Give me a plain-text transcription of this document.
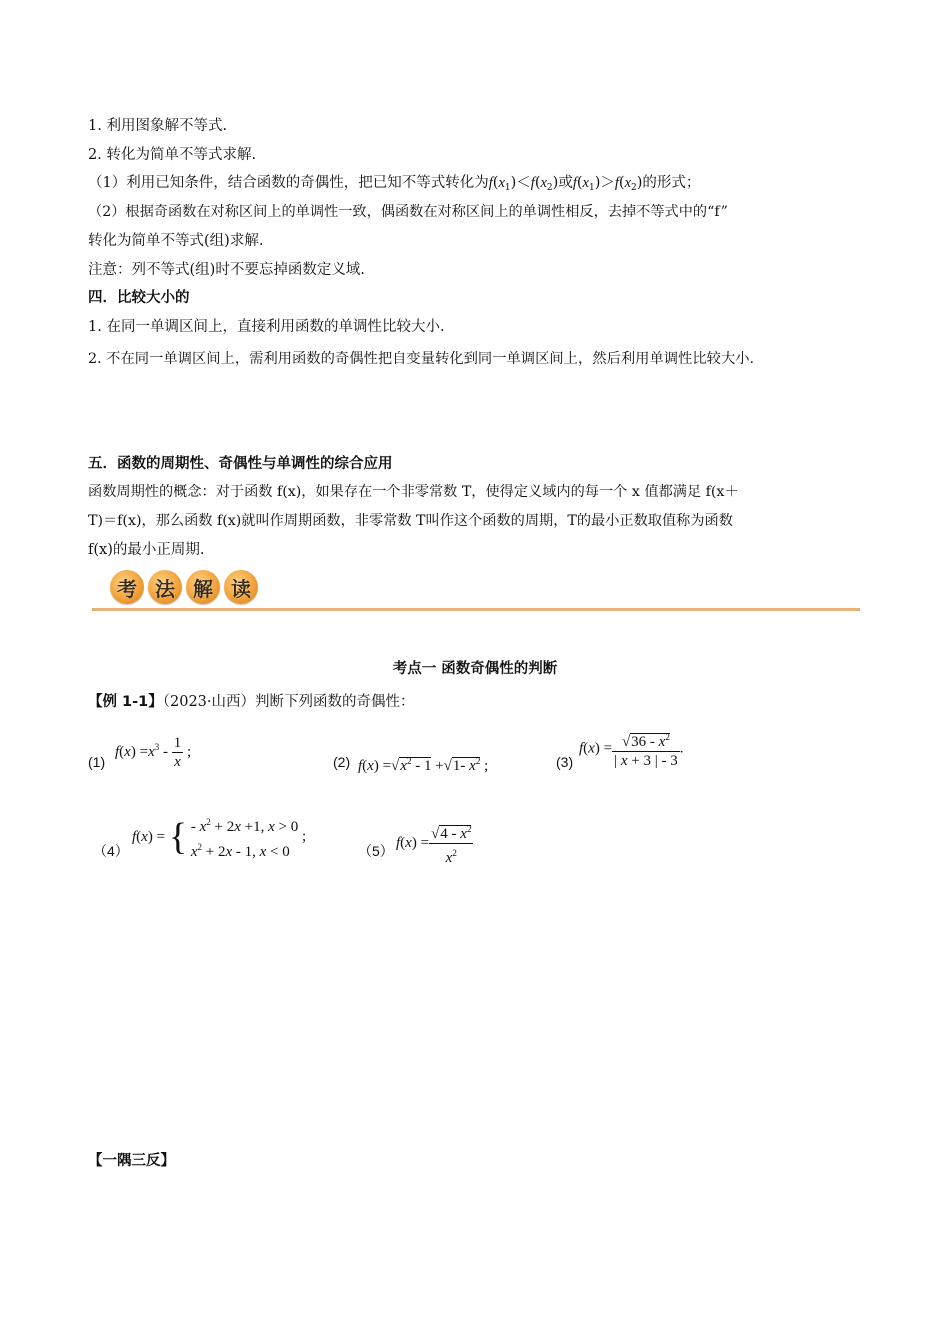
1. 利用图象解不等式.
2. 转化为简单不等式求解.
（1）利用已知条件，结合函数的奇偶性，把已知不等式转化为$f(x_1)<f(x_2)$或$f(x_1)>f(x_2)$的形式；
（2）根据奇函数在对称区间上的单调性一致，偶函数在对称区间上的单调性相反，去掉不等式中的“f”
转化为简单不等式(组)求解.
注意：列不等式(组)时不要忘掉函数定义域.
四．比较大小的
1. 在同一单调区间上，直接利用函数的单调性比较大小.
2. 不在同一单调区间上，需利用函数的奇偶性把自变量转化到同一单调区间上，然后利用单调性比较大小.
五．函数的周期性、奇偶性与单调性的综合应用
函数周期性的概念：对于函数 f(x)，如果存在一个非零常数 T，使得定义域内的每一个 x 值都满足 f(x＋
T)＝f(x)，那么函数 f(x)就叫作周期函数，非零常数 T叫作这个函数的周期，T的最小正数取值称为函数
f(x)的最小正周期.
考 法 解 读
考点一 函数奇偶性的判断
【例 1-1】（2023·山西）判断下列函数的奇偶性：
(1)
$f(x) =x^3 - \frac{1}{x}$ ;
(2) $f(x) =√x^2 - 1 +√1-$ $x^2$ ;	(3)
$f(x) = \frac{√36 - x^2}{| x + 3 | - 3}$ .
（4）
f(x) = { - $x^2 + 2x +1$, x > 0
$x^2 + 2x - 1$, x < 0 ;
（5）
$f(x) = \frac{√4 - x^2}{x^2}$
【一隅三反】
